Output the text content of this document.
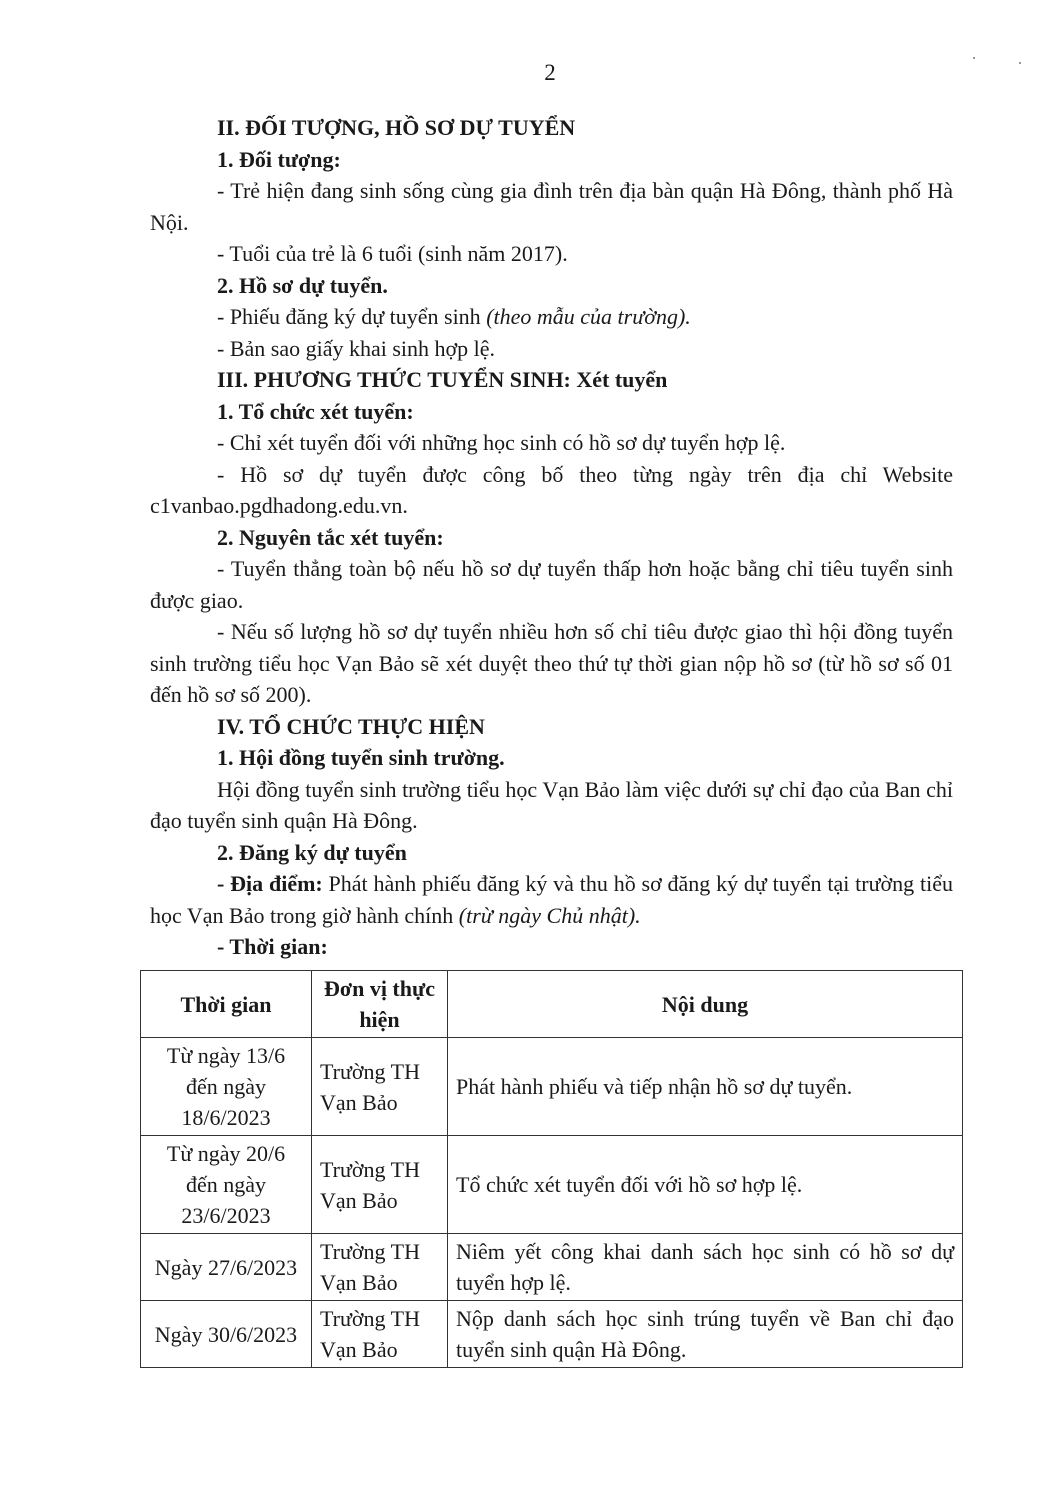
2

II. ĐỐI TƯỢNG, HỒ SƠ DỰ TUYỂN

1. Đối tượng:

- Trẻ hiện đang sinh sống cùng gia đình trên địa bàn quận Hà Đông, thành phố Hà Nội.

- Tuổi của trẻ là 6 tuổi (sinh năm 2017).

2. Hồ sơ dự tuyển.

- Phiếu đăng ký dự tuyển sinh (theo mẫu của trường).

- Bản sao giấy khai sinh hợp lệ.

III. PHƯƠNG THỨC TUYỂN SINH: Xét tuyển

1. Tổ chức xét tuyển:

- Chỉ xét tuyển đối với những học sinh có hồ sơ dự tuyển hợp lệ.

- Hồ sơ dự tuyển được công bố theo từng ngày trên địa chỉ Website

c1vanbao.pgdhadong.edu.vn.

2. Nguyên tắc xét tuyển:

- Tuyển thẳng toàn bộ nếu hồ sơ dự tuyển thấp hơn hoặc bằng chỉ tiêu tuyển sinh được giao.

- Nếu số lượng hồ sơ dự tuyển nhiều hơn số chỉ tiêu được giao thì hội đồng tuyển sinh trường tiểu học Vạn Bảo sẽ xét duyệt theo thứ tự thời gian nộp hồ sơ (từ hồ sơ số 01 đến hồ sơ số 200).

IV. TỔ CHỨC THỰC HIỆN

1. Hội đồng tuyển sinh trường.

Hội đồng tuyển sinh trường tiểu học Vạn Bảo làm việc dưới sự chỉ đạo của Ban chỉ đạo tuyển sinh quận Hà Đông.

2. Đăng ký dự tuyển

- Địa điểm: Phát hành phiếu đăng ký và thu hồ sơ đăng ký dự tuyển tại trường tiểu học Vạn Bảo trong giờ hành chính (trừ ngày Chủ nhật).

- Thời gian:

Thời gian	Đơn vị thực hiện	Nội dung
Từ ngày 13/6 đến ngày 18/6/2023	Trường TH Vạn Bảo	Phát hành phiếu và tiếp nhận hồ sơ dự tuyển.
Từ ngày 20/6 đến ngày 23/6/2023	Trường TH Vạn Bảo	Tổ chức xét tuyển đối với hồ sơ hợp lệ.
Ngày 27/6/2023	Trường TH Vạn Bảo	Niêm yết công khai danh sách học sinh có hồ sơ dự tuyển hợp lệ.
Ngày 30/6/2023	Trường TH Vạn Bảo	Nộp danh sách học sinh trúng tuyển về Ban chỉ đạo tuyển sinh quận Hà Đông.
